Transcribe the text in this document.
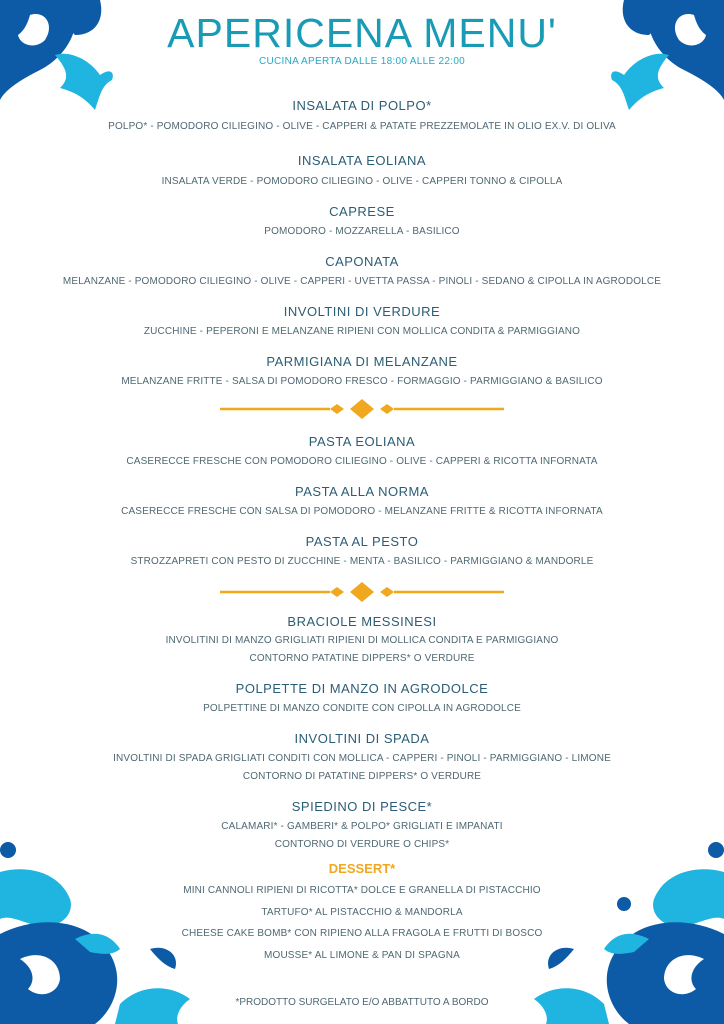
APERICENA MENU'
CUCINA APERTA DALLE 18:00 ALLE 22:00
INSALATA DI POLPO*
POLPO* - POMODORO CILIEGINO - OLIVE - CAPPERI & PATATE PREZZEMOLATE IN OLIO EX.V. DI OLIVA
INSALATA EOLIANA
INSALATA VERDE - POMODORO CILIEGINO - OLIVE - CAPPERI TONNO & CIPOLLA
CAPRESE
POMODORO - MOZZARELLA - BASILICO
CAPONATA
MELANZANE - POMODORO CILIEGINO - OLIVE - CAPPERI - UVETTA PASSA - PINOLI - SEDANO & CIPOLLA IN AGRODOLCE
INVOLTINI DI VERDURE
ZUCCHINE - PEPERONI E MELANZANE RIPIENI CON MOLLICA CONDITA & PARMIGGIANO
PARMIGIANA DI MELANZANE
MELANZANE FRITTE - SALSA DI POMODORO FRESCO - FORMAGGIO - PARMIGGIANO & BASILICO
PASTA EOLIANA
CASERECCE FRESCHE CON POMODORO CILIEGINO - OLIVE - CAPPERI & RICOTTA INFORNATA
PASTA ALLA NORMA
CASERECCE FRESCHE CON SALSA DI POMODORO - MELANZANE FRITTE & RICOTTA INFORNATA
PASTA AL PESTO
STROZZAPRETI CON PESTO DI ZUCCHINE - MENTA - BASILICO - PARMIGGIANO & MANDORLE
BRACIOLE MESSINESI
INVOLITINI DI MANZO GRIGLIATI RIPIENI DI MOLLICA CONDITA E PARMIGGIANO
CONTORNO PATATINE DIPPERS* O VERDURE
POLPETTE DI MANZO IN AGRODOLCE
POLPETTINE DI MANZO CONDITE CON CIPOLLA IN AGRODOLCE
INVOLTINI DI SPADA
INVOLTINI DI SPADA GRIGLIATI CONDITI CON MOLLICA - CAPPERI - PINOLI - PARMIGGIANO - LIMONE
CONTORNO DI PATATINE DIPPERS* O VERDURE
SPIEDINO DI PESCE*
CALAMARI* - GAMBERI* & POLPO* GRIGLIATI E IMPANATI
CONTORNO DI VERDURE O CHIPS*
DESSERT*
MINI CANNOLI RIPIENI DI RICOTTA* DOLCE E GRANELLA DI PISTACCHIO
TARTUFO* AL PISTACCHIO & MANDORLA
CHEESE CAKE BOMB* CON RIPIENO ALLA FRAGOLA E FRUTTI DI BOSCO
MOUSSE* AL LIMONE & PAN DI SPAGNA
*PRODOTTO SURGELATO E/O ABBATTUTO A BORDO
